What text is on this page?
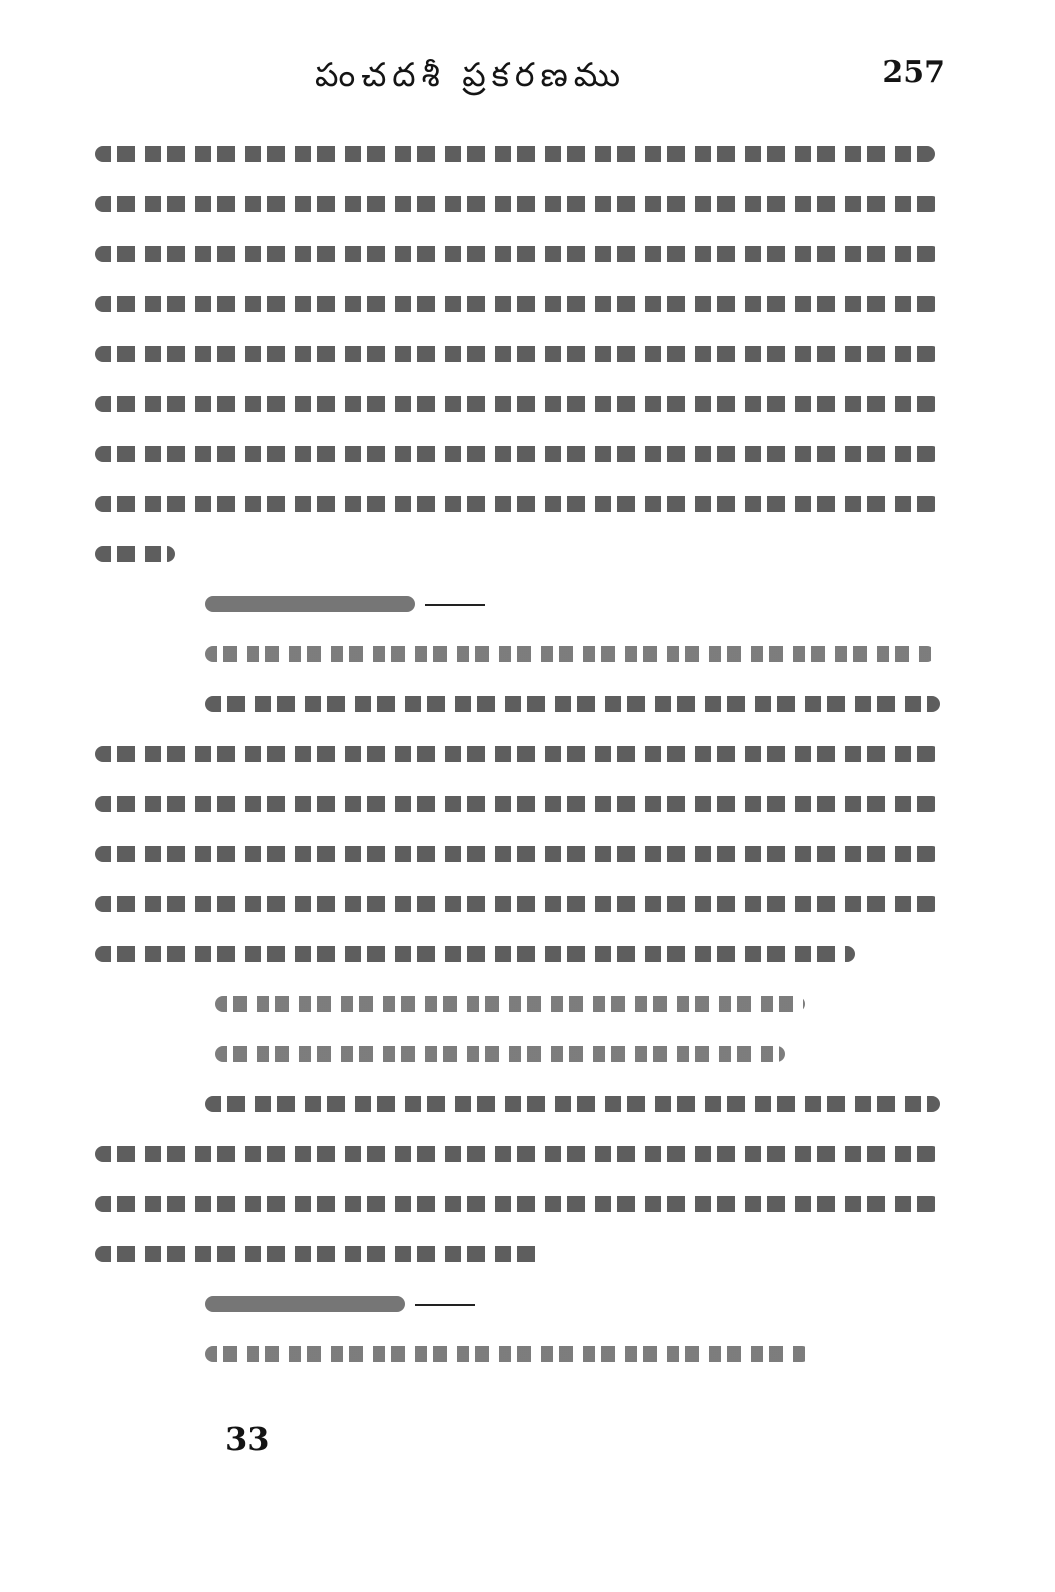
పంచదశీ ప్రకరణము	257
33
